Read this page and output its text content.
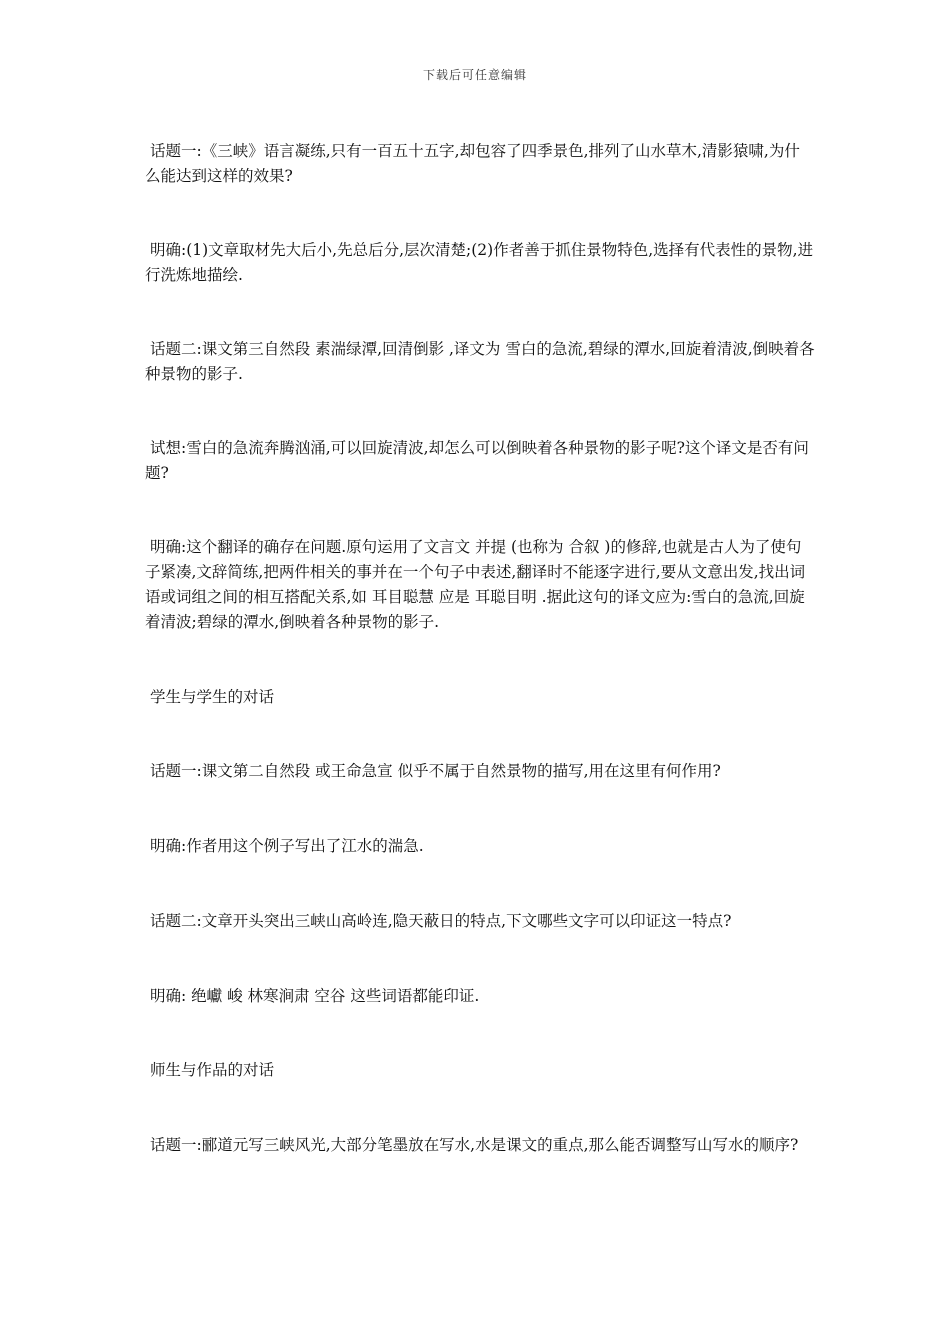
下载后可任意编辑

话题一:《三峡》语言凝练,只有一百五十五字,却包容了四季景色,排列了山水草木,清影猿啸,为什么能达到这样的效果?

明确:(1)文章取材先大后小,先总后分,层次清楚;(2)作者善于抓住景物特色,选择有代表性的景物,进行洗炼地描绘.

话题二:课文第三自然段 素湍绿潭,回清倒影 ,译文为 雪白的急流,碧绿的潭水,回旋着清波,倒映着各种景物的影子.

试想:雪白的急流奔腾汹涌,可以回旋清波,却怎么可以倒映着各种景物的影子呢?这个译文是否有问题?

明确:这个翻译的确存在问题.原句运用了文言文 并提 (也称为 合叙 )的修辞,也就是古人为了使句子紧凑,文辞简练,把两件相关的事并在一个句子中表述,翻译时不能逐字进行,要从文意出发,找出词语或词组之间的相互搭配关系,如 耳目聪慧 应是 耳聪目明 .据此这句的译文应为:雪白的急流,回旋着清波;碧绿的潭水,倒映着各种景物的影子.

学生与学生的对话

话题一:课文第二自然段 或王命急宣 似乎不属于自然景物的描写,用在这里有何作用?

明确:作者用这个例子写出了江水的湍急.

话题二:文章开头突出三峡山高岭连,隐天蔽日的特点,下文哪些文字可以印证这一特点?

明确: 绝巘 峻 林寒涧肃 空谷 这些词语都能印证.

师生与作品的对话

话题一:郦道元写三峡风光,大部分笔墨放在写水,水是课文的重点,那么能否调整写山写水的顺序?
